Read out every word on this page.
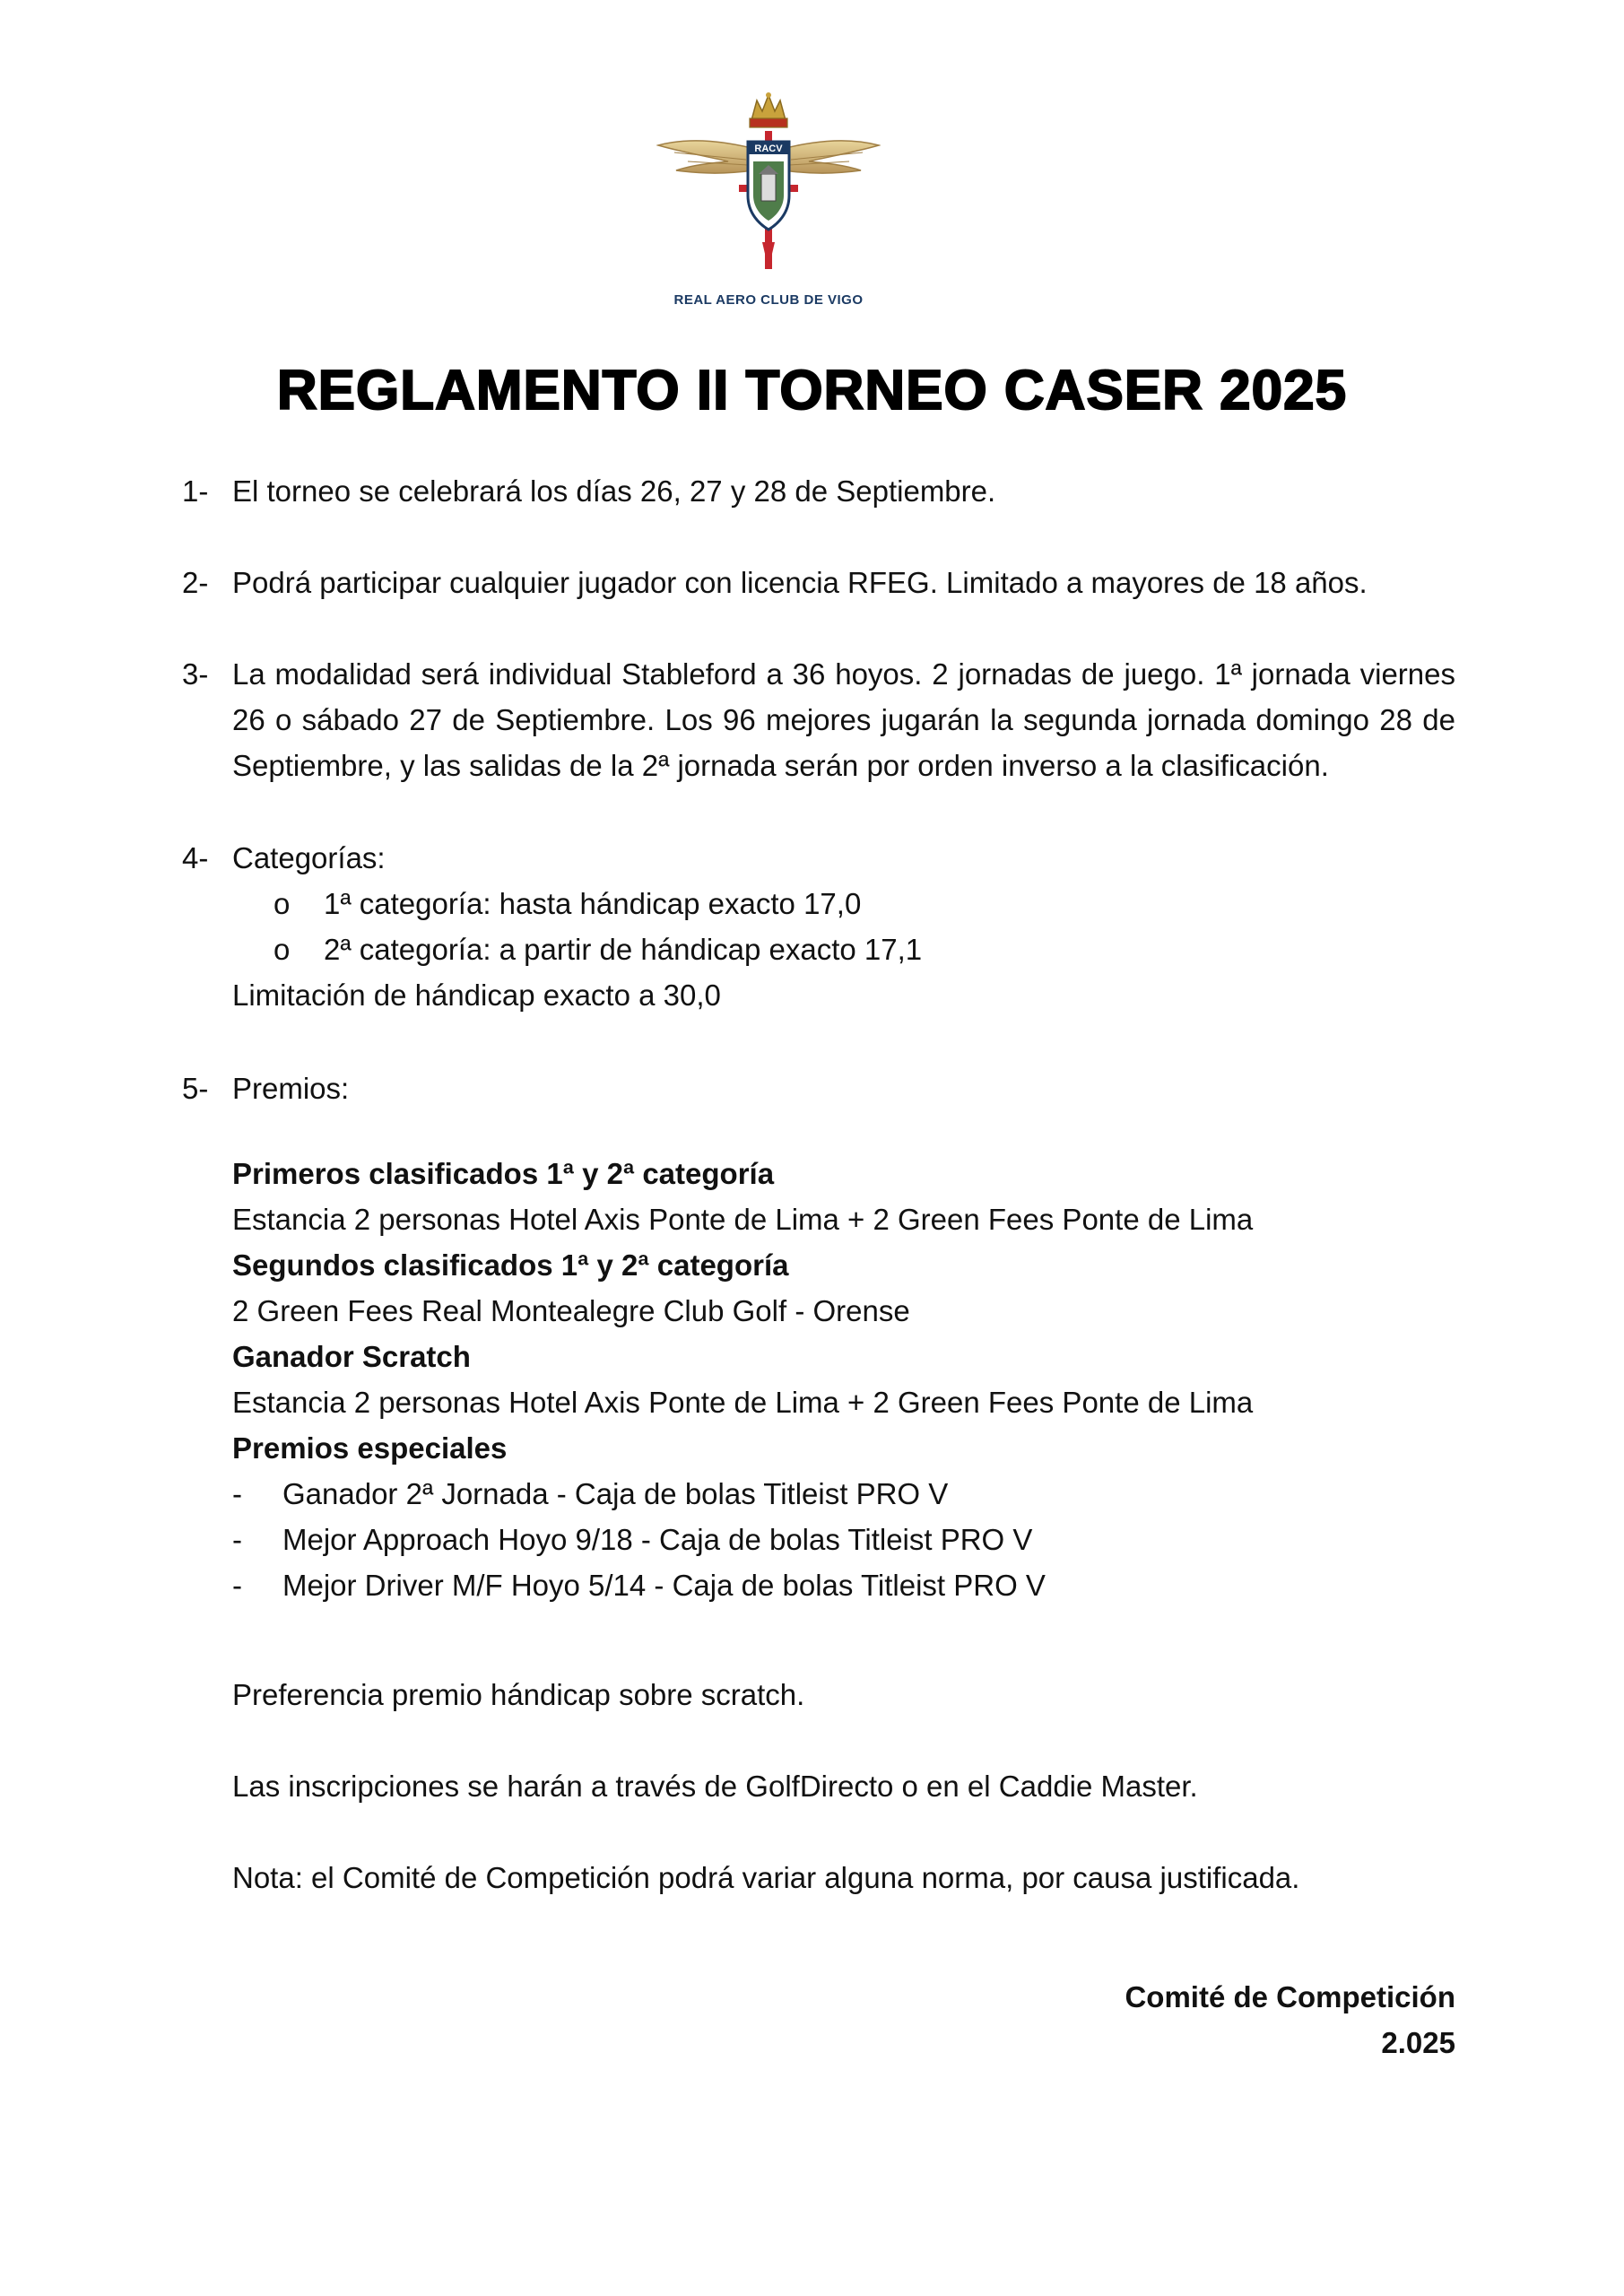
RACV
REAL AERO CLUB DE VIGO
REGLAMENTO II TORNEO CASER 2025
1- El torneo se celebrará los días 26, 27 y 28 de Septiembre.
2- Podrá participar cualquier jugador con licencia RFEG. Limitado a mayores de 18 años.
3- La modalidad será individual Stableford a 36 hoyos. 2 jornadas de juego. 1ª jornada viernes 26 o sábado 27 de Septiembre. Los 96 mejores jugarán la segunda jornada domingo 28 de Septiembre, y las salidas de la 2ª jornada serán por orden inverso a la clasificación.
4- Categorías:
o 1ª categoría: hasta hándicap exacto 17,0
o 2ª categoría: a partir de hándicap exacto 17,1
Limitación de hándicap exacto a 30,0
5- Premios:
Primeros clasificados 1ª y 2ª categoría
Estancia 2 personas Hotel Axis Ponte de Lima + 2 Green Fees Ponte de Lima
Segundos clasificados 1ª y 2ª categoría
2 Green Fees Real Montealegre Club Golf - Orense
Ganador Scratch
Estancia 2 personas Hotel Axis Ponte de Lima + 2 Green Fees Ponte de Lima
Premios especiales
- Ganador 2ª Jornada - Caja de bolas Titleist PRO V
- Mejor Approach Hoyo 9/18 - Caja de bolas Titleist PRO V
- Mejor Driver M/F Hoyo 5/14 - Caja de bolas Titleist PRO V
Preferencia premio hándicap sobre scratch.
Las inscripciones se harán a través de GolfDirecto o en el Caddie Master.
Nota: el Comité de Competición podrá variar alguna norma, por causa justificada.
Comité de Competición
2.025
